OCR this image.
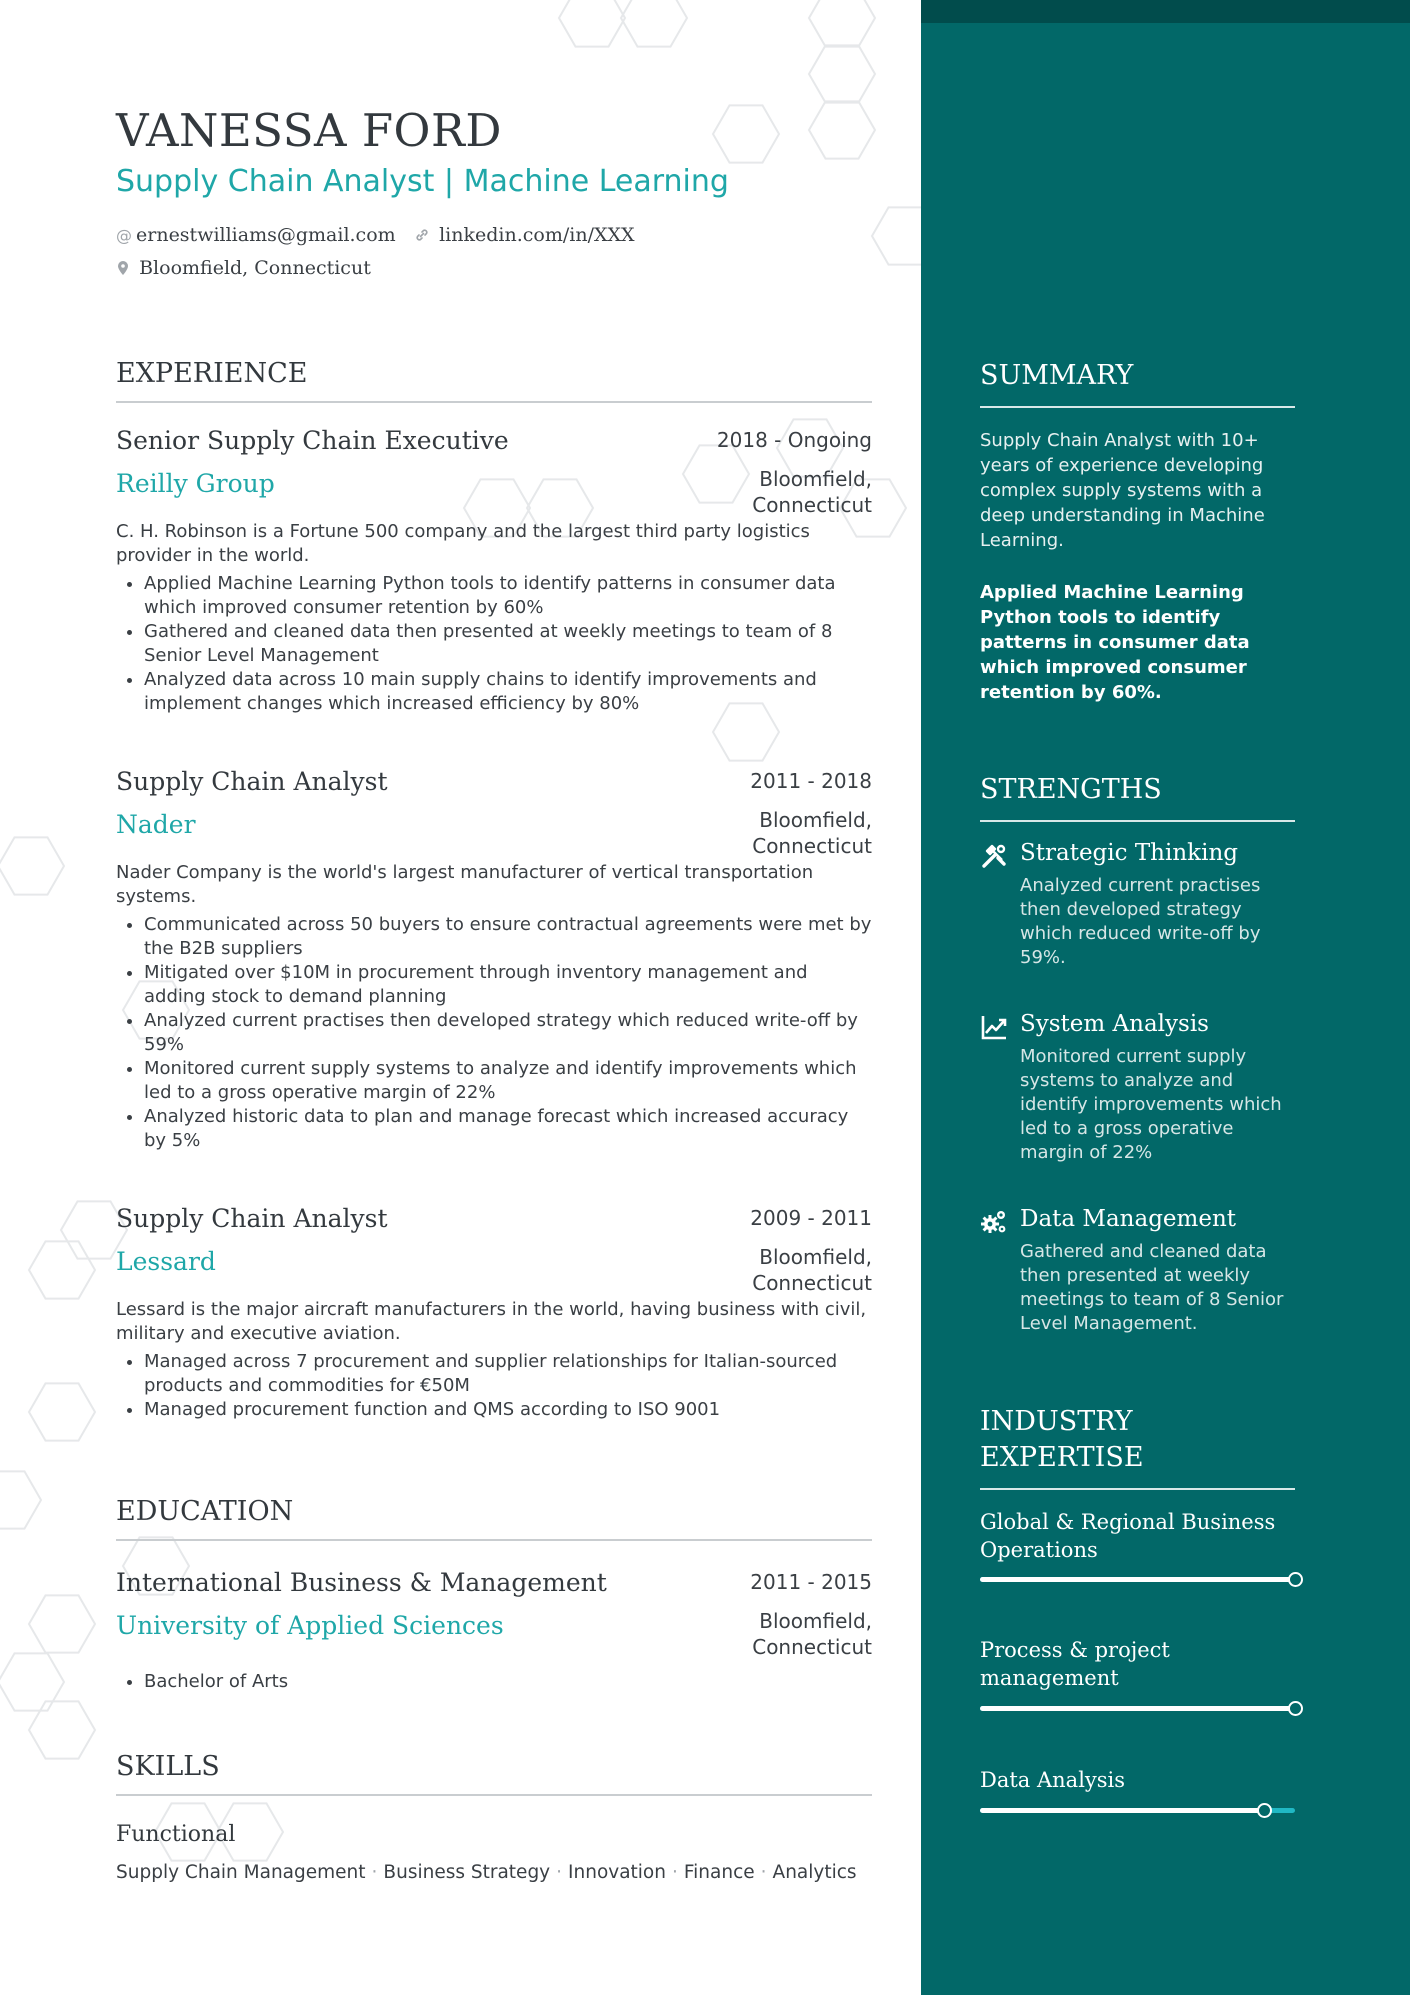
VANESSA FORD
Supply Chain Analyst | Machine Learning
@ ernestwilliams@gmail.com	linkedin.com/in/XXX
Bloomfield, Connecticut
EXPERIENCE
Senior Supply Chain Executive	2018 - Ongoing
Reilly Group	Bloomfield,
Connecticut
C. H. Robinson is a Fortune 500 company and the largest third party logistics provider in the world.
• Applied Machine Learning Python tools to identify patterns in consumer data which improved consumer retention by 60%
• Gathered and cleaned data then presented at weekly meetings to team of 8 Senior Level Management
• Analyzed data across 10 main supply chains to identify improvements and implement changes which increased efficiency by 80%
Supply Chain Analyst	2011 - 2018
Nader	Bloomfield,
Connecticut
Nader Company is the world's largest manufacturer of vertical transportation systems.
• Communicated across 50 buyers to ensure contractual agreements were met by the B2B suppliers
• Mitigated over $10M in procurement through inventory management and adding stock to demand planning
• Analyzed current practises then developed strategy which reduced write-off by 59%
• Monitored current supply systems to analyze and identify improvements which led to a gross operative margin of 22%
• Analyzed historic data to plan and manage forecast which increased accuracy by 5%
Supply Chain Analyst	2009 - 2011
Lessard	Bloomfield,
Connecticut
Lessard is the major aircraft manufacturers in the world, having business with civil, military and executive aviation.
• Managed across 7 procurement and supplier relationships for Italian-sourced products and commodities for €50M
• Managed procurement function and QMS according to ISO 9001
EDUCATION
International Business & Management	2011 - 2015
University of Applied Sciences	Bloomfield,
Connecticut
• Bachelor of Arts
SKILLS
Functional
Supply Chain Management · Business Strategy · Innovation · Finance · Analytics
SUMMARY
Supply Chain Analyst with 10+ years of experience developing complex supply systems with a deep understanding in Machine Learning.
Applied Machine Learning Python tools to identify patterns in consumer data which improved consumer retention by 60%.
STRENGTHS
Strategic Thinking
Analyzed current practises then developed strategy which reduced write-off by 59%.
System Analysis
Monitored current supply systems to analyze and identify improvements which led to a gross operative margin of 22%
Data Management
Gathered and cleaned data then presented at weekly meetings to team of 8 Senior Level Management.
INDUSTRY
EXPERTISE
Global & Regional Business
Operations
Process & project
management
Data Analysis
